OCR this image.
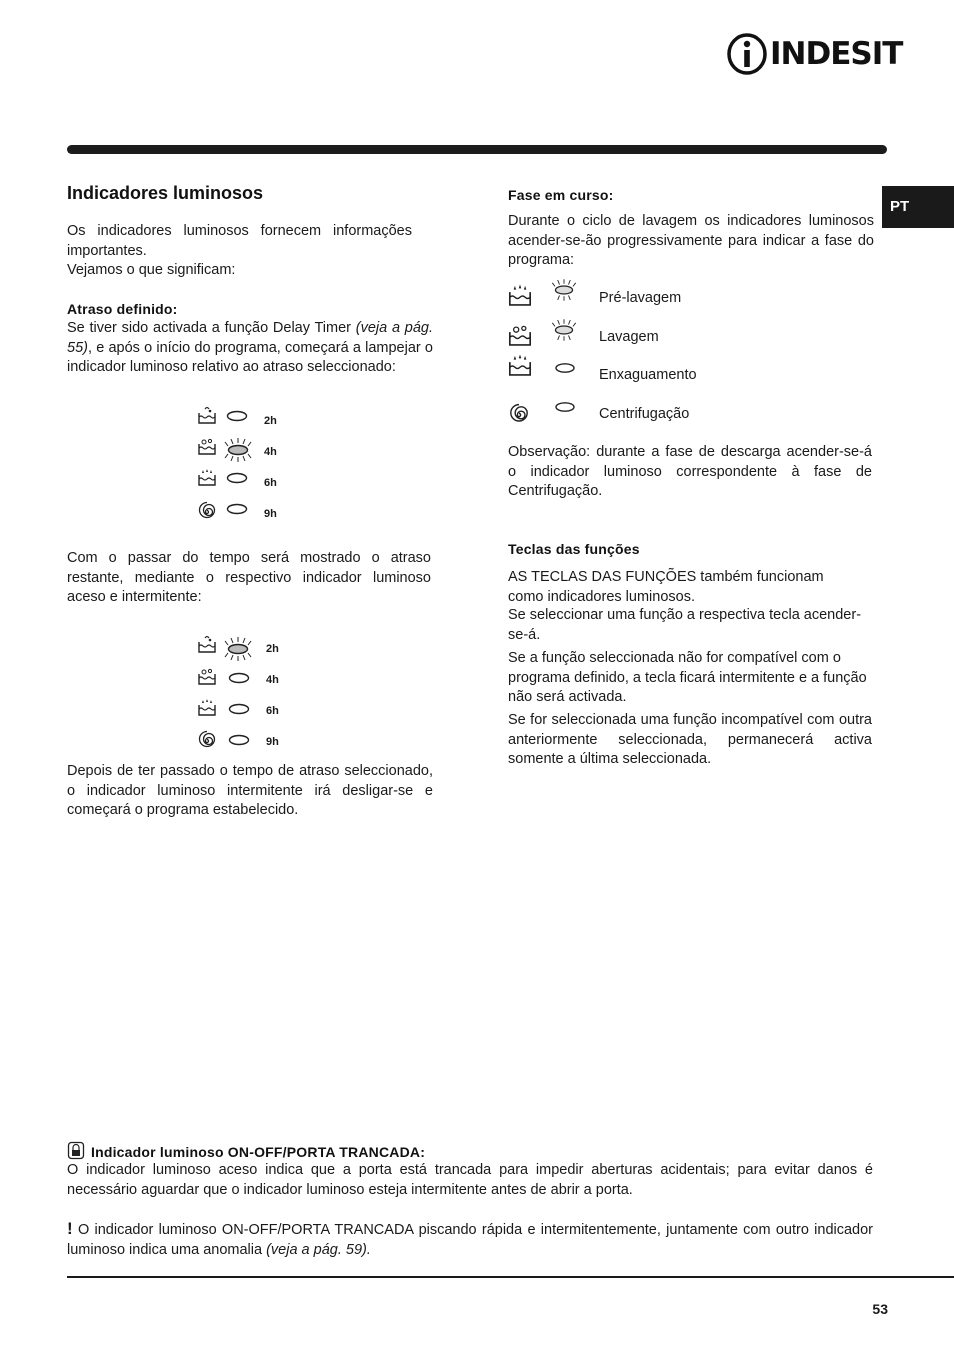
INDESIT
PT
Indicadores luminosos

Os indicadores luminosos fornecem informações importantes.

Vejamos o que significam:

Atraso definido:

Se tiver sido activada a função Delay Timer (veja a pág. 55), e após o início do programa, começará a lampejar o indicador luminoso relativo ao atraso seleccionado:

2h
4h
6h
9h

Com o passar do tempo será mostrado o atraso restante, mediante o respectivo indicador luminoso aceso e intermitente:

2h
4h
6h
9h

Depois de ter passado o tempo de atraso seleccionado, o indicador luminoso intermitente irá desligar-se e começará o programa estabelecido.

Fase em curso:

Durante o ciclo de lavagem os indicadores luminosos acender-se-ão progressivamente para indicar a fase do programa:

Pré-lavagem
Lavagem
Enxaguamento
Centrifugação

Observação: durante a fase de descarga acender-se-á o indicador luminoso correspondente à fase de Centrifugação.

Teclas das funções

AS TECLAS DAS FUNÇÕES também funcionam como indicadores luminosos.

Se seleccionar uma função a respectiva tecla acender-se-á.

Se a função seleccionada não for compatível com o programa definido, a tecla ficará intermitente e a função não será activada.

Se for seleccionada uma função incompatível com outra anteriormente seleccionada, permanecerá activa somente a última seleccionada.

Indicador luminoso ON-OFF/PORTA TRANCADA:

O indicador luminoso aceso indica que a porta está trancada para impedir aberturas acidentais; para evitar danos é necessário aguardar que o indicador luminoso esteja intermitente antes de abrir a porta.

! O indicador luminoso ON-OFF/PORTA TRANCADA piscando rápida e intermitentemente, juntamente com outro indicador luminoso indica uma anomalia (veja a pág. 59).

53
